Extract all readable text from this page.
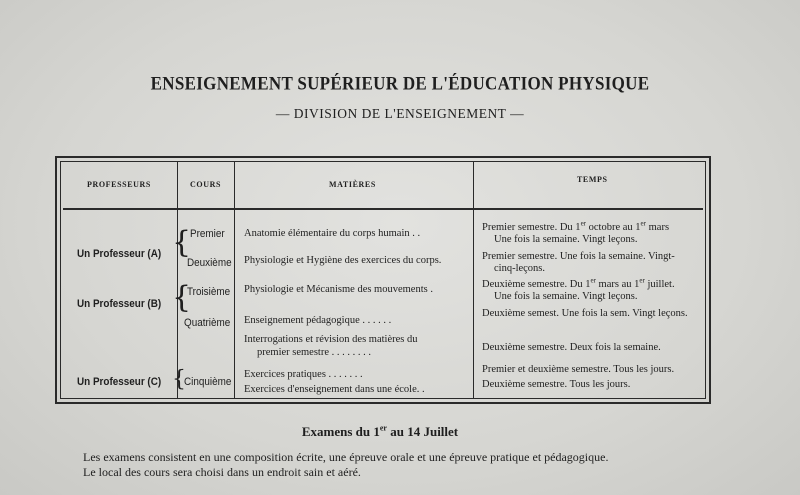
ENSEIGNEMENT SUPÉRIEUR DE L'ÉDUCATION PHYSIQUE
— DIVISION DE L'ENSEIGNEMENT —
PROFESSEURS	COURS	MATIÈRES
TEMPS
Un Professeur (A)
Un Professeur (B)
Un Professeur (C)
{
{
{
Premier
Deuxième
Troisième
Quatrième
Cinquième
Anatomie élémentaire du corps humain . .
Physiologie et Hygiène des exercices du corps.
Physiologie et Mécanisme des mouvements .
Enseignement pédagogique . . . . . .
Interrogations et révision des matières du
premier semestre . . . . . . . .
Exercices pratiques . . . . . . .
Exercices d'enseignement dans une école. .
Premier semestre. Du 1er octobre au 1er mars
Une fois la semaine. Vingt leçons.
Premier semestre. Une fois la semaine. Vingt-
cinq-leçons.
Deuxième semestre. Du 1er mars au 1er juillet.
Une fois la semaine. Vingt leçons.
Deuxième semest. Une fois la sem. Vingt leçons.
Deuxième semestre. Deux fois la semaine.
Premier et deuxième semestre. Tous les jours.
Deuxième semestre. Tous les jours.
Examens du 1er au 14 Juillet
Les examens consistent en une composition écrite, une épreuve orale et une épreuve pratique et pédagogique.
Le local des cours sera choisi dans un endroit sain et aéré.
